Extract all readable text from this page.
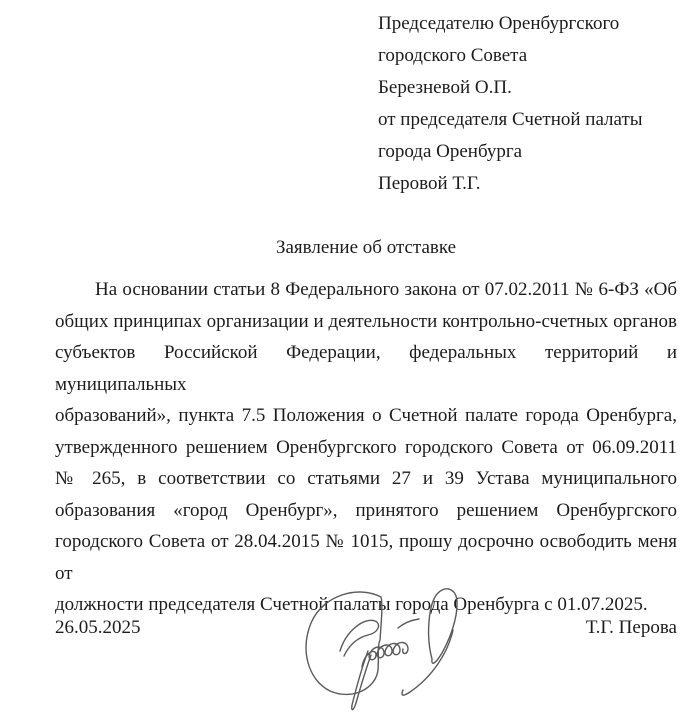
Председателю Оренбургского
городского Совета
Березневой О.П.
от председателя Счетной палаты
города Оренбурга
Перовой Т.Г.
Заявление об отставке
На основании статьи 8 Федерального закона от 07.02.2011 № 6-ФЗ «Об
общих принципах организации и деятельности контрольно-счетных органов
субъектов Российской Федерации, федеральных территорий и муниципальных
образований», пункта 7.5 Положения о Счетной палате города Оренбурга,
утвержденного решением Оренбургского городского Совета от 06.09.2011
№ 265, в соответствии со статьями 27 и 39 Устава муниципального
образования «город Оренбург», принятого решением Оренбургского
городского Совета от 28.04.2015 № 1015, прошу досрочно освободить меня от
должности председателя Счетной палаты города Оренбурга с 01.07.2025.
26.05.2025	Т.Г. Перова
